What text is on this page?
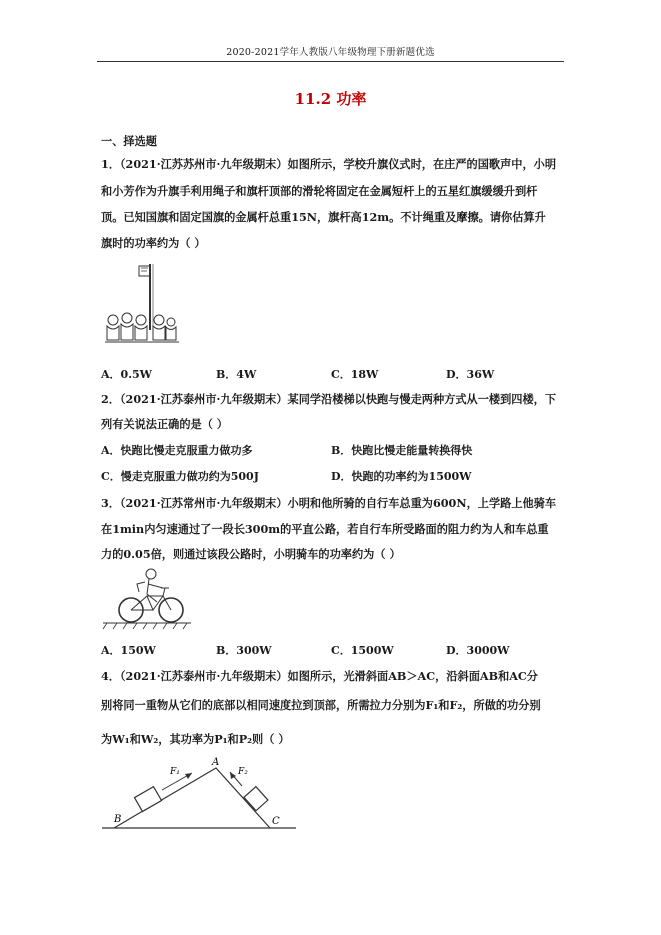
2020-2021学年人教版八年级物理下册新题优选
11.2 功率
一、择选题
1．（2021·江苏苏州市·九年级期末）如图所示，学校升旗仪式时，在庄严的国歌声中，小明
和小芳作为升旗手利用绳子和旗杆顶部的滑轮将固定在金属短杆上的五星红旗缓缓升到杆
顶。已知国旗和固定国旗的金属杆总重15N，旗杆高12m。不计绳重及摩擦。请你估算升
旗时的功率约为（ ）
A．0.5W	B．4W	C．18W	D．36W
2．（2021·江苏泰州市·九年级期末）某同学沿楼梯以快跑与慢走两种方式从一楼到四楼，下
列有关说法正确的是（ ）
A．快跑比慢走克服重力做功多	B．快跑比慢走能量转换得快
C．慢走克服重力做功约为500J	D．快跑的功率约为1500W
3．（2021·江苏常州市·九年级期末）小明和他所骑的自行车总重为600N，上学路上他骑车
在1min内匀速通过了一段长300m的平直公路，若自行车所受路面的阻力约为人和车总重
力的0.05倍，则通过该段公路时，小明骑车的功率约为（ ）
A．150W	B．300W	C．1500W	D．3000W
4．（2021·江苏泰州市·九年级期末）如图所示，光滑斜面AB＞AC，沿斜面AB和AC分
别将同一重物从它们的底部以相同速度拉到顶部，所需拉力分别为F₁和F₂，所做的功分别
为W₁和W₂，其功率为P₁和P₂则（ ）
A
B	C
F₁	F₂
